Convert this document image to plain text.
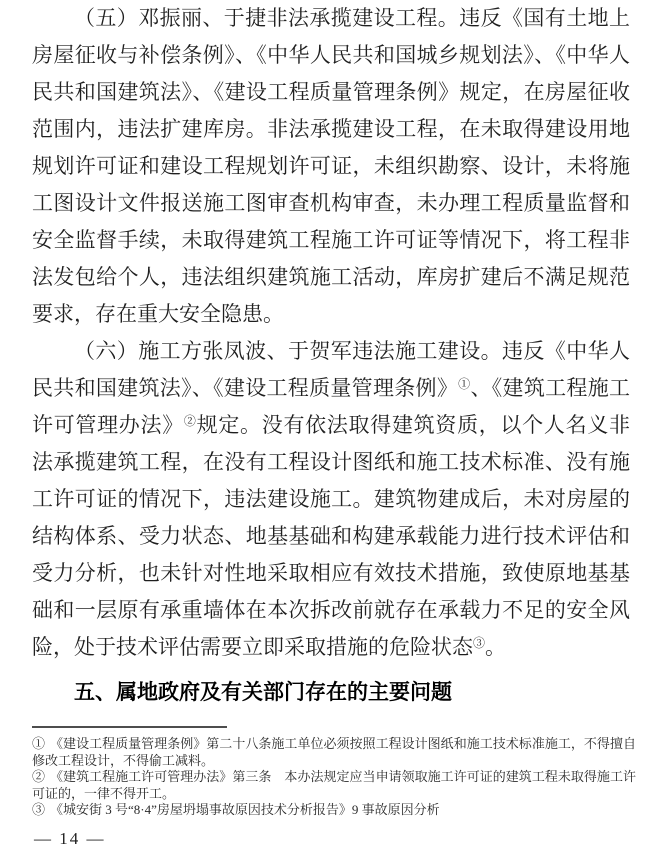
（五）邓振丽、于捷非法承揽建设工程。违反《国有土地上房屋征收与补偿条例》、《中华人民共和国城乡规划法》、《中华人民共和国建筑法》、《建设工程质量管理条例》规定，在房屋征收范围内，违法扩建库房。非法承揽建设工程，在未取得建设用地规划许可证和建设工程规划许可证，未组织勘察、设计，未将施工图设计文件报送施工图审查机构审查，未办理工程质量监督和安全监督手续，未取得建筑工程施工许可证等情况下，将工程非法发包给个人，违法组织建筑施工活动，库房扩建后不满足规范要求，存在重大安全隐患。

（六）施工方张凤波、于贺军违法施工建设。违反《中华人民共和国建筑法》、《建设工程质量管理条例》①、《建筑工程施工许可管理办法》②规定。没有依法取得建筑资质，以个人名义非法承揽建筑工程，在没有工程设计图纸和施工技术标准、没有施工许可证的情况下，违法建设施工。建筑物建成后，未对房屋的结构体系、受力状态、地基基础和构建承载能力进行技术评估和受力分析，也未针对性地采取相应有效技术措施，致使原地基基础和一层原有承重墙体在本次拆改前就存在承载力不足的安全风险，处于技术评估需要立即采取措施的危险状态③。

五、属地政府及有关部门存在的主要问题

① 《建设工程质量管理条例》第二十八条施工单位必须按照工程设计图纸和施工技术标准施工，不得擅自修改工程设计，不得偷工减料。

② 《建筑工程施工许可管理办法》第三条　本办法规定应当申请领取施工许可证的建筑工程未取得施工许可证的，一律不得开工。

③ 《城安街 3 号“8·4”房屋坍塌事故原因技术分析报告》9 事故原因分析

— 14 —
